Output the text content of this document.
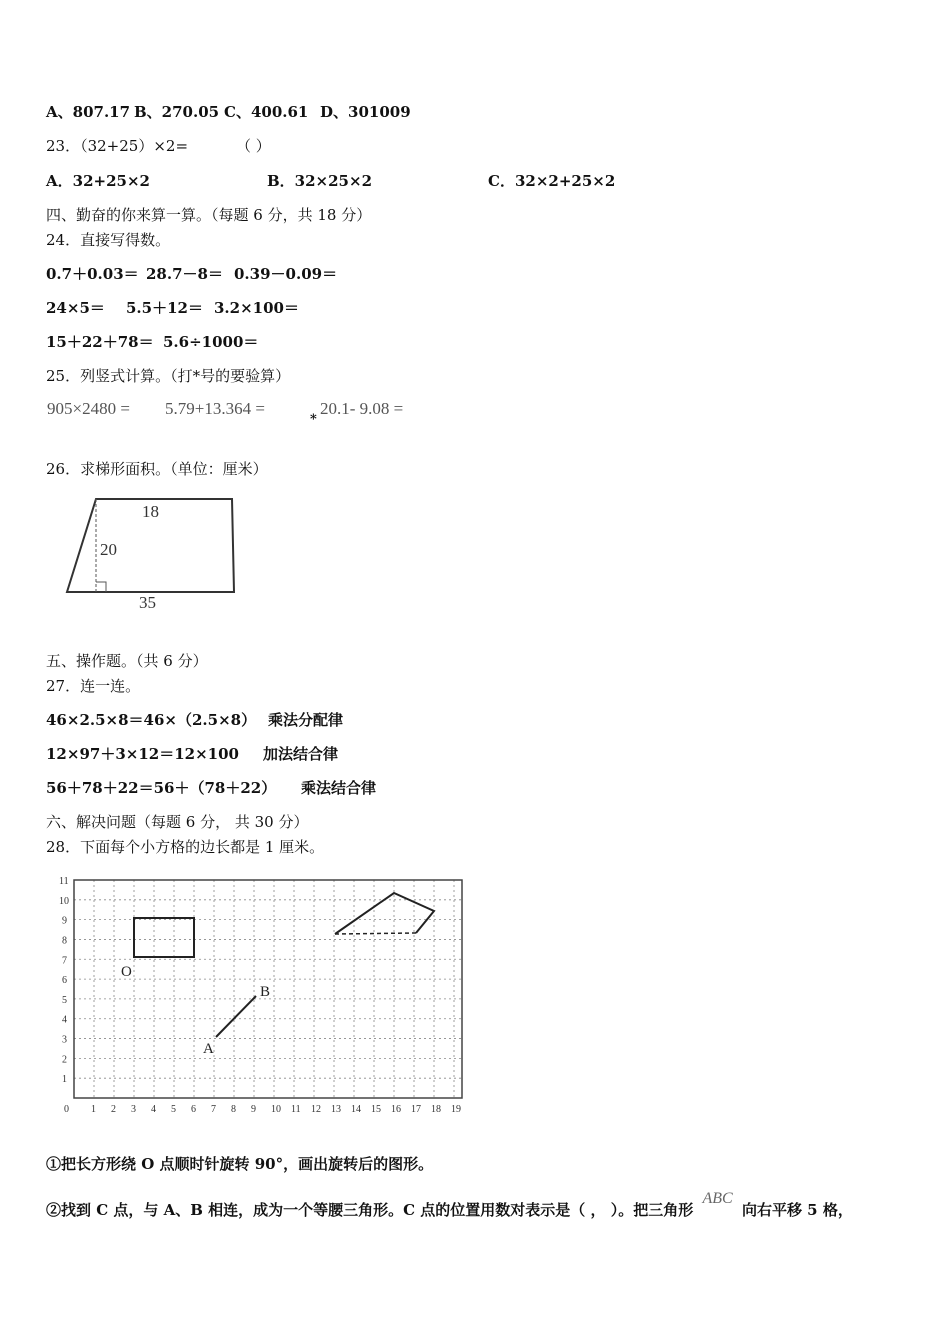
A、807.17 B、270.05 C、400.61 D、301009
23．（32+25）×2=	（ ）
A．32+25×2	B．32×25×2	C．32×2+25×2
四、勤奋的你来算一算。（每题 6 分，共 18 分）
24．直接写得数。
0.7＋0.03＝ 28.7－8＝ 0.39－0.09＝
24×5＝ 5.5＋12＝ 3.2×100＝
15＋22＋78＝ 5.6÷1000＝
25．列竖式计算。（打*号的要验算）
905×2480 = 5.79+13.364 =
*
20.1- 9.08 =
26．求梯形面积。（单位：厘米）
18
20
35
五、操作题。（共 6 分）
27．连一连。
46×2.5×8＝46×（2.5×8） 乘法分配律
12×97＋3×12＝12×100 加法结合律
56＋78＋22＝56＋（78＋22） 乘法结合律
六、解决问题（每题 6 分， 共 30 分）
28．下面每个小方格的边长都是 1 厘米。
0 1 2 3 4 5 6 7 8 9 10 11 12 13 14 15 16 17 18 19
1
2
3
4
5
6
7
8
9
10
11
O
A
B
①把长方形绕 O 点顺时针旋转 90°，画出旋转后的图形。
②找到 C 点，与 A、B 相连，成为一个等腰三角形。C 点的位置用数对表示是（ ， ）。把三角形 ABC 向右平移 5 格，
